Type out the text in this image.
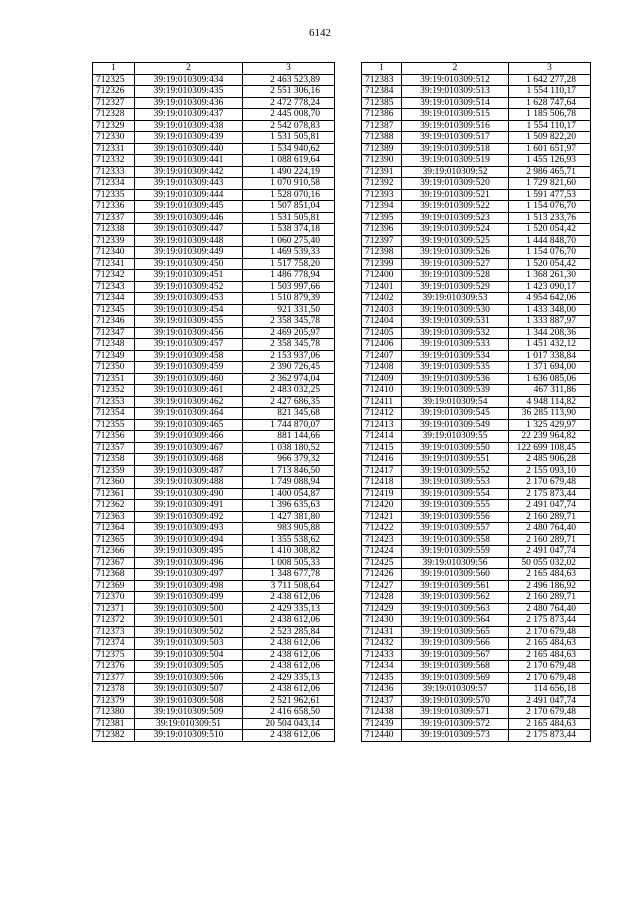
6142
1	2	3
712325	39:19:010309:434	2 463 523,89
712326	39:19:010309:435	2 551 306,16
712327	39:19:010309:436	2 472 778,24
712328	39:19:010309:437	2 445 008,70
712329	39:19:010309:438	2 542 078,83
712330	39:19:010309:439	1 531 505,81
712331	39:19:010309:440	1 534 940,62
712332	39:19:010309:441	1 088 619,64
712333	39:19:010309:442	1 490 224,19
712334	39:19:010309:443	1 070 910,58
712335	39:19:010309:444	1 528 070,16
712336	39:19:010309:445	1 507 851,04
712337	39:19:010309:446	1 531 505,81
712338	39:19:010309:447	1 538 374,18
712339	39:19:010309:448	1 060 275,40
712340	39:19:010309:449	1 469 539,33
712341	39:19:010309:450	1 517 758,20
712342	39:19:010309:451	1 486 778,94
712343	39:19:010309:452	1 503 997,66
712344	39:19:010309:453	1 510 879,39
712345	39:19:010309:454	921 331,50
712346	39:19:010309:455	2 358 345,78
712347	39:19:010309:456	2 469 205,97
712348	39:19:010309:457	2 358 345,78
712349	39:19:010309:458	2 153 937,06
712350	39:19:010309:459	2 390 726,45
712351	39:19:010309:460	2 362 974,04
712352	39:19:010309:461	2 483 032,25
712353	39:19:010309:462	2 427 686,35
712354	39:19:010309:464	821 345,68
712355	39:19:010309:465	1 744 870,07
712356	39:19:010309:466	881 144,66
712357	39:19:010309:467	1 038 180,52
712358	39:19:010309:468	966 379,32
712359	39:19:010309:487	1 713 846,50
712360	39:19:010309:488	1 749 088,94
712361	39:19:010309:490	1 400 054,87
712362	39:19:010309:491	1 396 635,63
712363	39:19:010309:492	1 427 381,80
712364	39:19:010309:493	983 905,88
712365	39:19:010309:494	1 355 538,62
712366	39:19:010309:495	1 410 308,82
712367	39:19:010309:496	1 008 505,33
712368	39:19:010309:497	1 348 677,78
712369	39:19:010309:498	3 711 508,64
712370	39:19:010309:499	2 438 612,06
712371	39:19:010309:500	2 429 335,13
712372	39:19:010309:501	2 438 612,06
712373	39:19:010309:502	2 523 285,84
712374	39:19:010309:503	2 438 612,06
712375	39:19:010309:504	2 438 612,06
712376	39:19:010309:505	2 438 612,06
712377	39:19:010309:506	2 429 335,13
712378	39:19:010309:507	2 438 612,06
712379	39:19:010309:508	2 521 962,61
712380	39:19:010309:509	2 416 658,50
712381	39:19:010309:51	20 504 043,14
712382	39:19:010309:510	2 438 612,06
1	2	3
712383	39:19:010309:512	1 642 277,28
712384	39:19:010309:513	1 554 110,17
712385	39:19:010309:514	1 628 747,64
712386	39:19:010309:515	1 185 506,78
712387	39:19:010309:516	1 554 110,17
712388	39:19:010309:517	1 509 822,20
712389	39:19:010309:518	1 601 651,97
712390	39:19:010309:519	1 455 126,93
712391	39:19:010309:52	2 986 465,71
712392	39:19:010309:520	1 729 821,60
712393	39:19:010309:521	1 591 477,53
712394	39:19:010309:522	1 154 076,70
712395	39:19:010309:523	1 513 233,76
712396	39:19:010309:524	1 520 054,42
712397	39:19:010309:525	1 444 848,70
712398	39:19:010309:526	1 154 076,70
712399	39:19:010309:527	1 520 054,42
712400	39:19:010309:528	1 368 261,30
712401	39:19:010309:529	1 423 090,17
712402	39:19:010309:53	4 954 642,06
712403	39:19:010309:530	1 433 348,00
712404	39:19:010309:531	1 333 887,97
712405	39:19:010309:532	1 344 208,36
712406	39:19:010309:533	1 451 432,12
712407	39:19:010309:534	1 017 338,84
712408	39:19:010309:535	1 371 694,00
712409	39:19:010309:536	1 636 085,06
712410	39:19:010309:539	467 311,86
712411	39:19:010309:54	4 948 114,82
712412	39:19:010309:545	36 285 113,90
712413	39:19:010309:549	1 325 429,97
712414	39:19:010309:55	22 239 964,82
712415	39:19:010309:550	122 699 108,45
712416	39:19:010309:551	2 485 906,28
712417	39:19:010309:552	2 155 093,10
712418	39:19:010309:553	2 170 679,48
712419	39:19:010309:554	2 175 873,44
712420	39:19:010309:555	2 491 047,74
712421	39:19:010309:556	2 160 289,71
712422	39:19:010309:557	2 480 764,40
712423	39:19:010309:558	2 160 289,71
712424	39:19:010309:559	2 491 047,74
712425	39:19:010309:56	50 055 032,02
712426	39:19:010309:560	2 165 484,63
712427	39:19:010309:561	2 496 186,92
712428	39:19:010309:562	2 160 289,71
712429	39:19:010309:563	2 480 764,40
712430	39:19:010309:564	2 175 873,44
712431	39:19:010309:565	2 170 679,48
712432	39:19:010309:566	2 165 484,63
712433	39:19:010309:567	2 165 484,63
712434	39:19:010309:568	2 170 679,48
712435	39:19:010309:569	2 170 679,48
712436	39:19:010309:57	114 656,18
712437	39:19:010309:570	2 491 047,74
712438	39:19:010309:571	2 170 679,48
712439	39:19:010309:572	2 165 484,63
712440	39:19:010309:573	2 175 873,44
